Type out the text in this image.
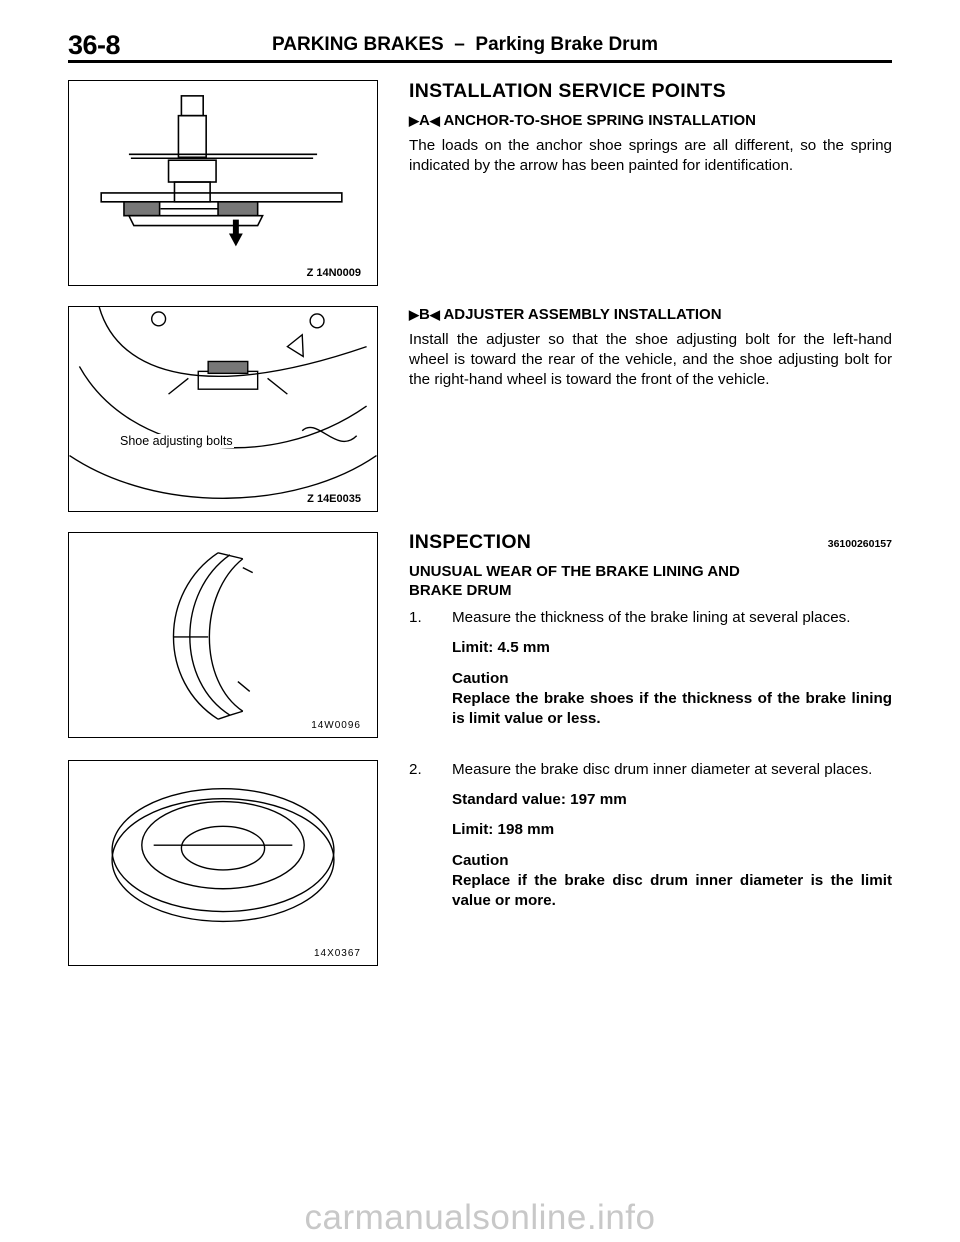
36-8	PARKING BRAKES  –  Parking Brake Drum
Z 14N0009
Shoe adjusting bolts
Z 14E0035
14W0096
14X0367
INSTALLATION SERVICE POINTS
▶A◀ ANCHOR-TO-SHOE SPRING INSTALLATION

The loads on the anchor shoe springs are all different, so the spring indicated by the arrow has been painted for identification.

▶B◀ ADJUSTER ASSEMBLY INSTALLATION

Install the adjuster so that the shoe adjusting bolt for the left-hand wheel is toward the rear of the vehicle, and the shoe adjusting bolt for the right-hand wheel is toward the front of the vehicle.

INSPECTION	36100260157
UNUSUAL WEAR OF THE BRAKE LINING AND
BRAKE DRUM
1. Measure the thickness of the brake lining at several places.
Limit: 4.5 mm
Caution
Replace the brake shoes if the thickness of the brake lining is limit value or less.
2. Measure the brake disc drum inner diameter at several places.
Standard value: 197 mm
Limit: 198 mm
Caution
Replace if the brake disc drum inner diameter is the limit value or more.
carmanualsonline.info
